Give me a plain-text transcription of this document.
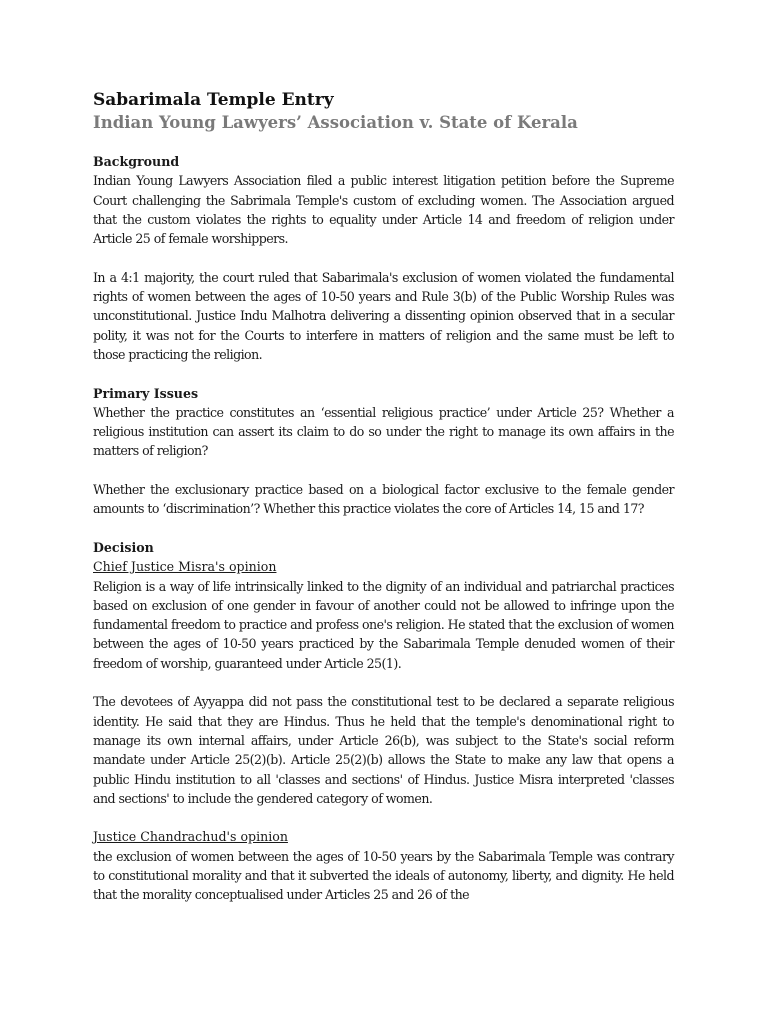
Sabarimala Temple Entry
Indian Young Lawyers’ Association v. State of Kerala
Background

Indian Young Lawyers Association filed a public interest litigation petition before the Supreme Court challenging the Sabrimala Temple's custom of excluding women. The Association argued that the custom violates the rights to equality under Article 14 and freedom of religion under Article 25 of female worshippers.

In a 4:1 majority, the court ruled that Sabarimala's exclusion of women violated the fundamental rights of women between the ages of 10-50 years and Rule 3(b) of the Public Worship Rules was unconstitutional. Justice Indu Malhotra delivering a dissenting opinion observed that in a secular polity, it was not for the Courts to interfere in matters of religion and the same must be left to those practicing the religion.

Primary Issues

Whether the practice constitutes an ‘essential religious practice’ under Article 25? Whether a religious institution can assert its claim to do so under the right to manage its own affairs in the matters of religion?

Whether the exclusionary practice based on a biological factor exclusive to the female gender amounts to ‘discrimination’? Whether this practice violates the core of Articles 14, 15 and 17?

Decision
Chief Justice Misra's opinion

Religion is a way of life intrinsically linked to the dignity of an individual and patriarchal practices based on exclusion of one gender in favour of another could not be allowed to infringe upon the fundamental freedom to practice and profess one's religion. He stated that the exclusion of women between the ages of 10-50 years practiced by the Sabarimala Temple denuded women of their freedom of worship, guaranteed under Article 25(1).

The devotees of Ayyappa did not pass the constitutional test to be declared a separate religious identity. He said that they are Hindus. Thus he held that the temple's denominational right to manage its own internal affairs, under Article 26(b), was subject to the State's social reform mandate under Article 25(2)(b). Article 25(2)(b) allows the State to make any law that opens a public Hindu institution to all 'classes and sections' of Hindus. Justice Misra interpreted 'classes and sections' to include the gendered category of women.

Justice Chandrachud's opinion

the exclusion of women between the ages of 10-50 years by the Sabarimala Temple was contrary to constitutional morality and that it subverted the ideals of autonomy, liberty, and dignity. He held that the morality conceptualised under Articles 25 and 26 of the
